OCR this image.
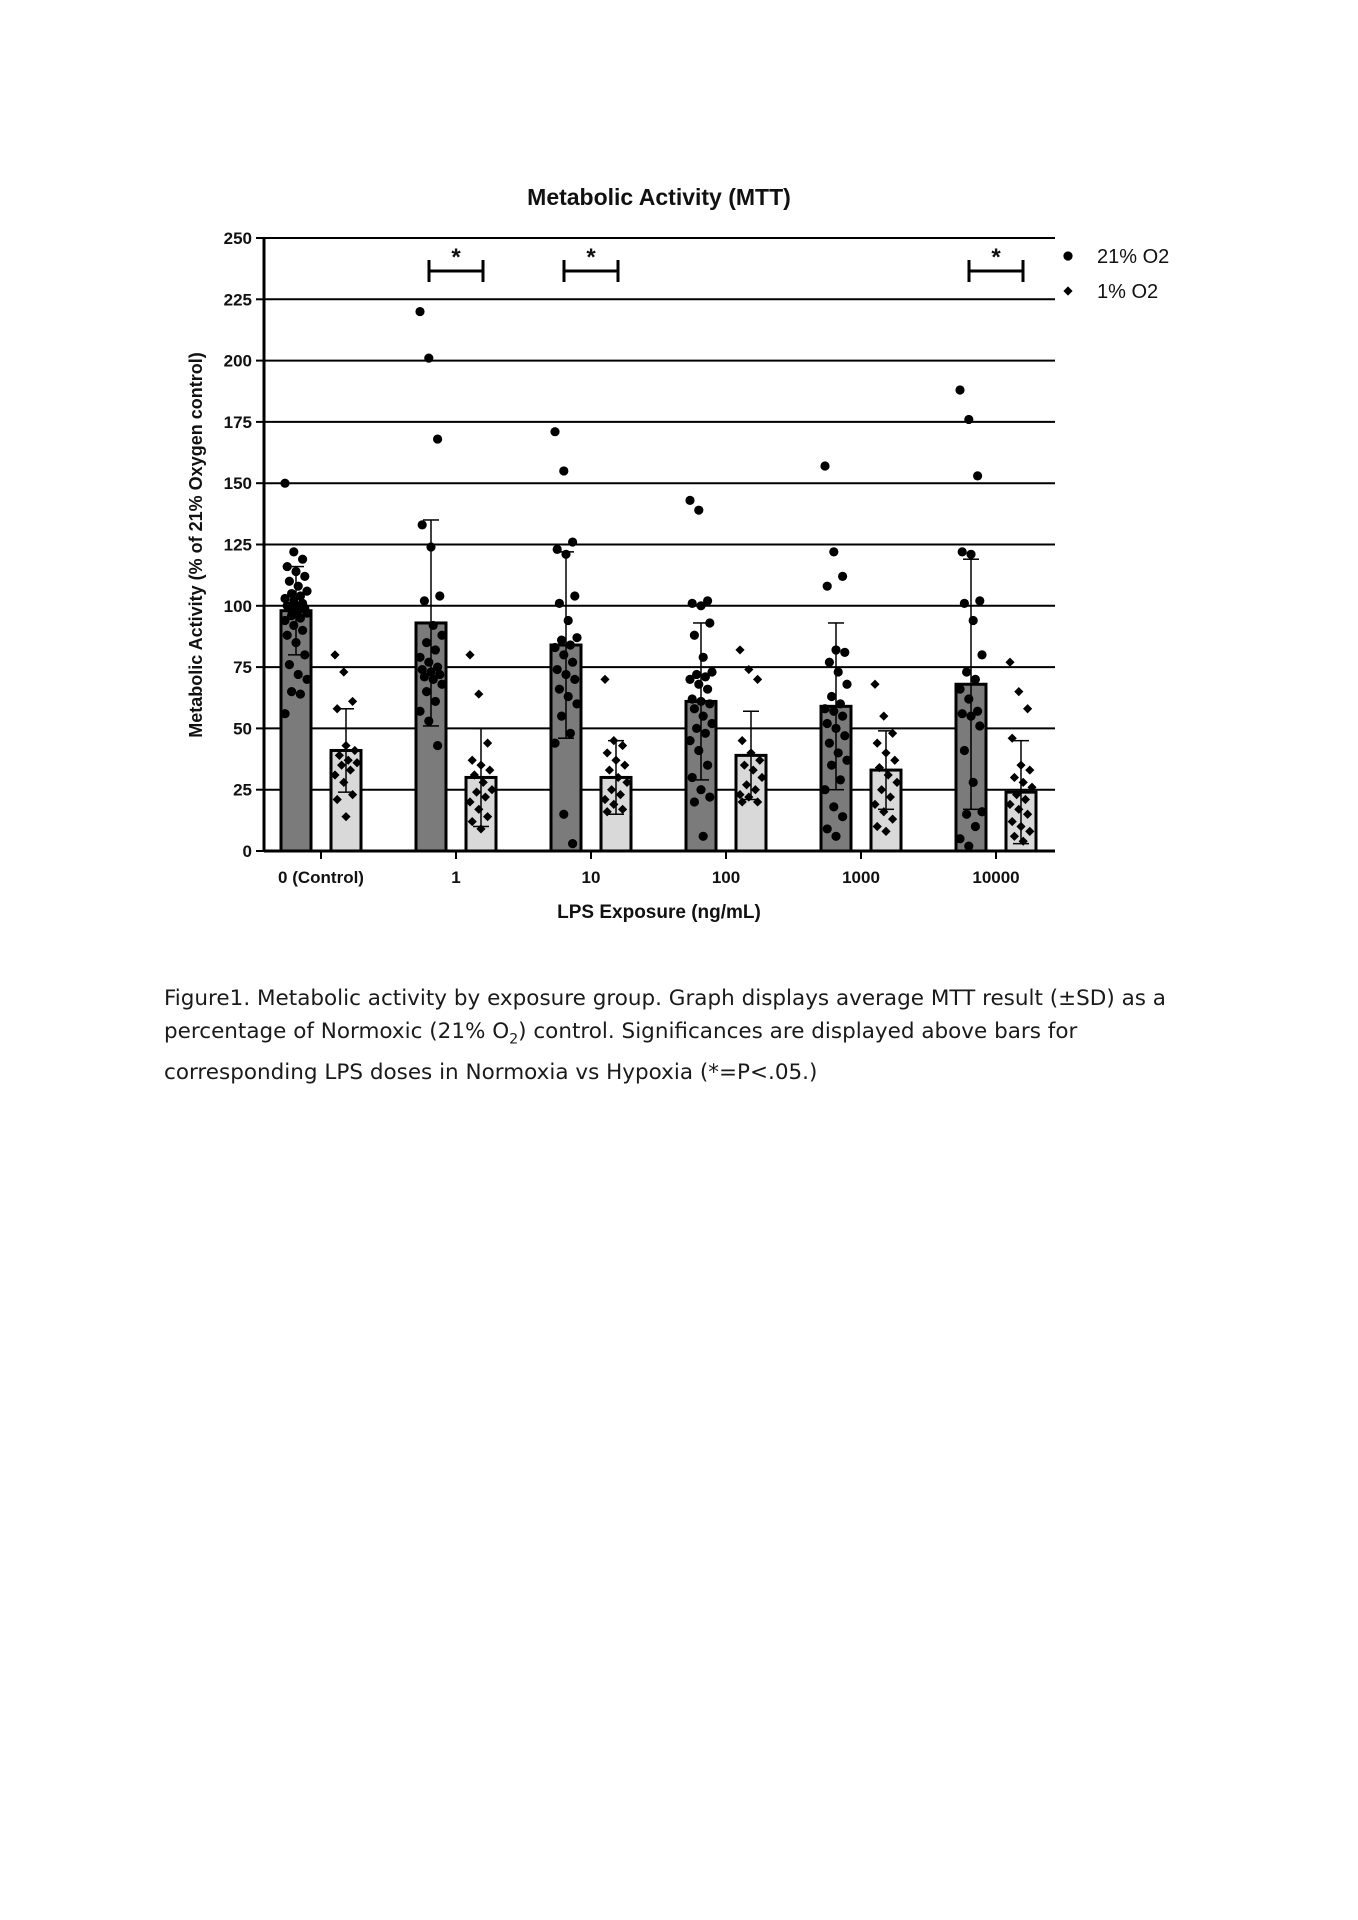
Metabolic Activity (MTT)
0
25
50
75
100
125
150
175
200
225
250
0 (Control)	1	10	100	1000	10000
*	*	*	21% O2
1% O2
LPS Exposure (ng/mL)
Metabolic Activity (% of 21% Oxygen control)
Figure1. Metabolic activity by exposure group. Graph displays average MTT result (±SD) as a percentage of Normoxic (21% $O_2$) control. Significances are displayed above bars for corresponding LPS doses in Normoxia vs Hypoxia (*=P<.05.)
